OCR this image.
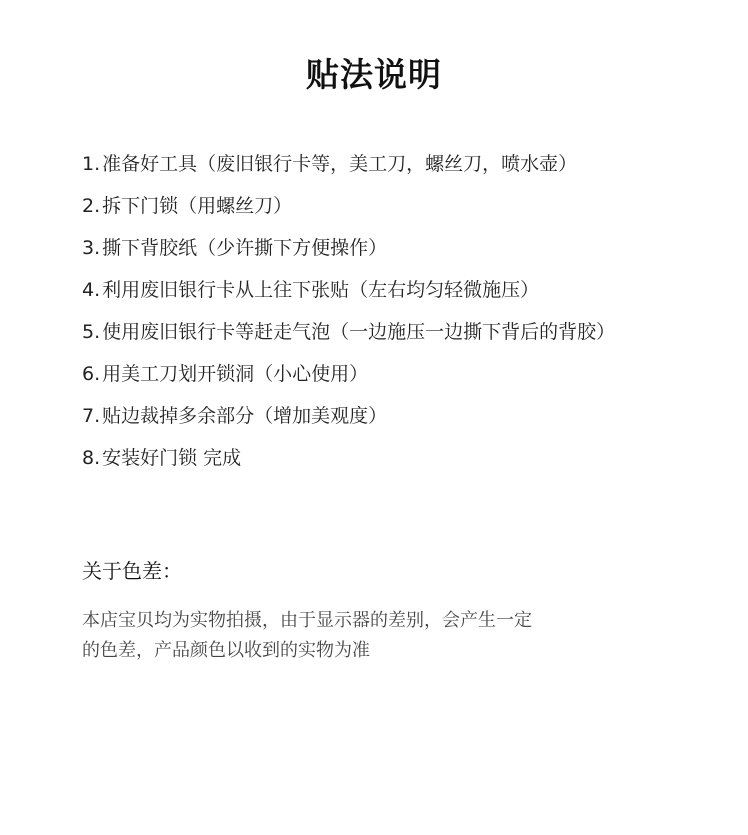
贴法说明
1. 准备好工具（废旧银行卡等，美工刀，螺丝刀，喷水壶）
2. 拆下门锁（用螺丝刀）
3. 撕下背胶纸（少许撕下方便操作）
4. 利用废旧银行卡从上往下张贴（左右均匀轻微施压）
5. 使用废旧银行卡等赶走气泡（一边施压一边撕下背后的背胶）
6. 用美工刀划开锁洞（小心使用）
7. 贴边裁掉多余部分（增加美观度）
8. 安装好门锁 完成
关于色差：
本店宝贝均为实物拍摄，由于显示器的差别，会产生一定
的色差，产品颜色以收到的实物为准
